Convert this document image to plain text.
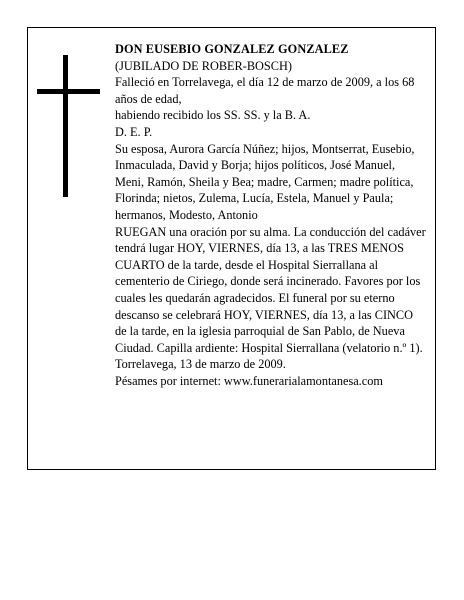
DON EUSEBIO GONZALEZ GONZALEZ
(JUBILADO DE ROBER-BOSCH)
Falleció en Torrelavega, el día 12 de marzo de 2009, a los 68 años de edad,
habiendo recibido los SS. SS. y la B. A.
D. E. P.
Su esposa, Aurora García Núñez; hijos, Montserrat, Eusebio, Inmaculada, David y Borja; hijos políticos, José Manuel, Meni, Ramón, Sheila y Bea; madre, Carmen; madre política, Florinda; nietos, Zulema, Lucía, Estela, Manuel y Paula; hermanos, Modesto, Antonio
RUEGAN una oración por su alma. La conducción del cadáver tendrá lugar HOY, VIERNES, día 13, a las TRES MENOS CUARTO de la tarde, desde el Hospital Sierrallana al cementerio de Ciriego, donde será incinerado. Favores por los cuales les quedarán agradecidos. El funeral por su eterno descanso se celebrará HOY, VIERNES, día 13, a las CINCO de la tarde, en la iglesia parroquial de San Pablo, de Nueva Ciudad. Capilla ardiente: Hospital Sierrallana (velatorio n.º 1).
Torrelavega, 13 de marzo de 2009.
Pésames por internet: www.funerarialamontanesa.com
